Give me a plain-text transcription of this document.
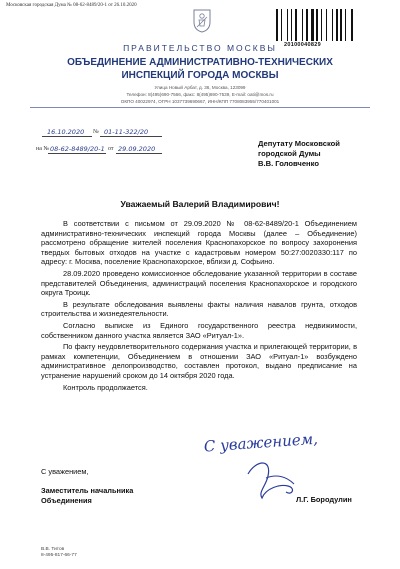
Московская городская Дума № 08-62-8489/20-1 от 26.10.2020
20100040829
ПРАВИТЕЛЬСТВО МОСКВЫ
ОБЪЕДИНЕНИЕ АДМИНИСТРАТИВНО-ТЕХНИЧЕСКИХ
ИНСПЕКЦИЙ ГОРОДА МОСКВЫ
Улица Новый Арбат, д. 36, Москва, 123099
Телефон: 8(495)690-7566, факс: 8(495)690-7539, E-mail: oati@mos.ru
ОКПО 40022974, ОГРН 1037739690667, ИНН/КПП 7708083955/770401001
16.10.2020 № 01-11-322/20
на № 08-62-8489/20-1 от 29.09.2020
Депутату Московской
городской Думы
В.В. Головченко
Уважаемый Валерий Владимирович!

В соответствии с письмом от 29.09.2020 № 08-62-8489/20-1 Объединением административно-технических инспекций города Москвы (далее – Объединение) рассмотрено обращение жителей поселения Краснопахорское по вопросу захоронения твердых бытовых отходов на участке с кадастровым номером 50:27:0020330:117 по адресу: г. Москва, поселение Краснопахорское, вблизи д. Софьино.

28.09.2020 проведено комиссионное обследование указанной территории в составе представителей Объединения, администраций поселения Краснопахорское и городского округа Троицк.

В результате обследования выявлены факты наличия навалов грунта, отходов строительства и жизнедеятельности.

Согласно выписке из Единого государственного реестра недвижимости, собственником данного участка является ЗАО «Ритуал-1».

По факту неудовлетворительного содержания участка и прилегающей территории, в рамках компетенции, Объединением в отношении ЗАО «Ритуал-1» возбуждено административное делопроизводство, составлен протокол, выдано предписание на устранение нарушений сроком до 14 октября 2020 года.

Контроль продолжается.

С уважением,
С уважением,
Заместитель начальника
Объединения	Л.Г. Бородулин
В.В. Титов
8-495-817-66-77
